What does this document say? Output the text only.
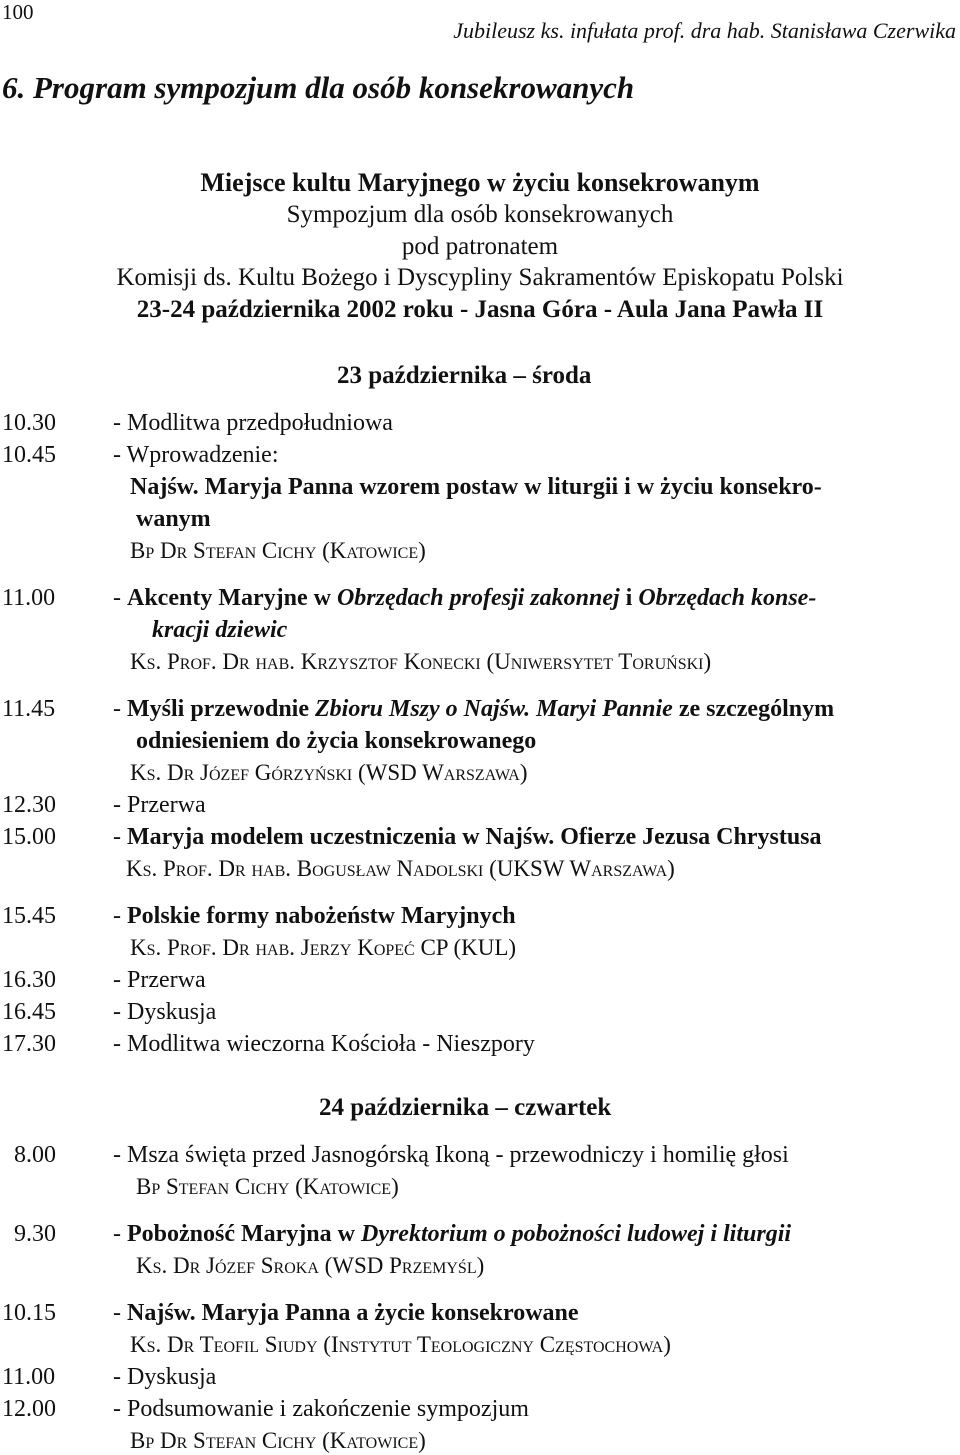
100
Jubileusz ks. infułata prof. dra hab. Stanisława Czerwika
6. Program sympozjum dla osób konsekrowanych
Miejsce kultu Maryjnego w życiu konsekrowanym
Sympozjum dla osób konsekrowanych
pod patronatem
Komisji ds. Kultu Bożego i Dyscypliny Sakramentów Episkopatu Polski
23-24 października 2002 roku - Jasna Góra - Aula Jana Pawła II
23 października – środa
10.30 - Modlitwa przedpołudniowa
10.45 - Wprowadzenie:
Najśw. Maryja Panna wzorem postaw w liturgii i w życiu konsekro-
wanym
Bp Dr Stefan Cichy (Katowice)
11.00 - Akcenty Maryjne w Obrzędach profesji zakonnej i Obrzędach konse-
kracji dziewic
Ks. Prof. Dr hab. Krzysztof Konecki (Uniwersytet Toruński)
11.45 - Myśli przewodnie Zbioru Mszy o Najśw. Maryi Pannie ze szczególnym
odniesieniem do życia konsekrowanego
Ks. Dr Józef Górzyński (WSD Warszawa)
12.30 - Przerwa
15.00 - Maryja modelem uczestniczenia w Najśw. Ofierze Jezusa Chrystusa
Ks. Prof. Dr hab. Bogusław Nadolski (UKSW Warszawa)
15.45 - Polskie formy nabożeństw Maryjnych
Ks. Prof. Dr hab. Jerzy Kopeć CP (KUL)
16.30 - Przerwa
16.45 - Dyskusja
17.30 - Modlitwa wieczorna Kościoła - Nieszpory
24 października – czwartek
8.00 - Msza święta przed Jasnogórską Ikoną - przewodniczy i homilię głosi
Bp Stefan Cichy (Katowice)
9.30 - Pobożność Maryjna w Dyrektorium o pobożności ludowej i liturgii
Ks. Dr Józef Sroka (WSD Przemyśl)
10.15 - Najśw. Maryja Panna a życie konsekrowane
Ks. Dr Teofil Siudy (Instytut Teologiczny Częstochowa)
11.00 - Dyskusja
12.00 - Podsumowanie i zakończenie sympozjum
Bp Dr Stefan Cichy (Katowice)
